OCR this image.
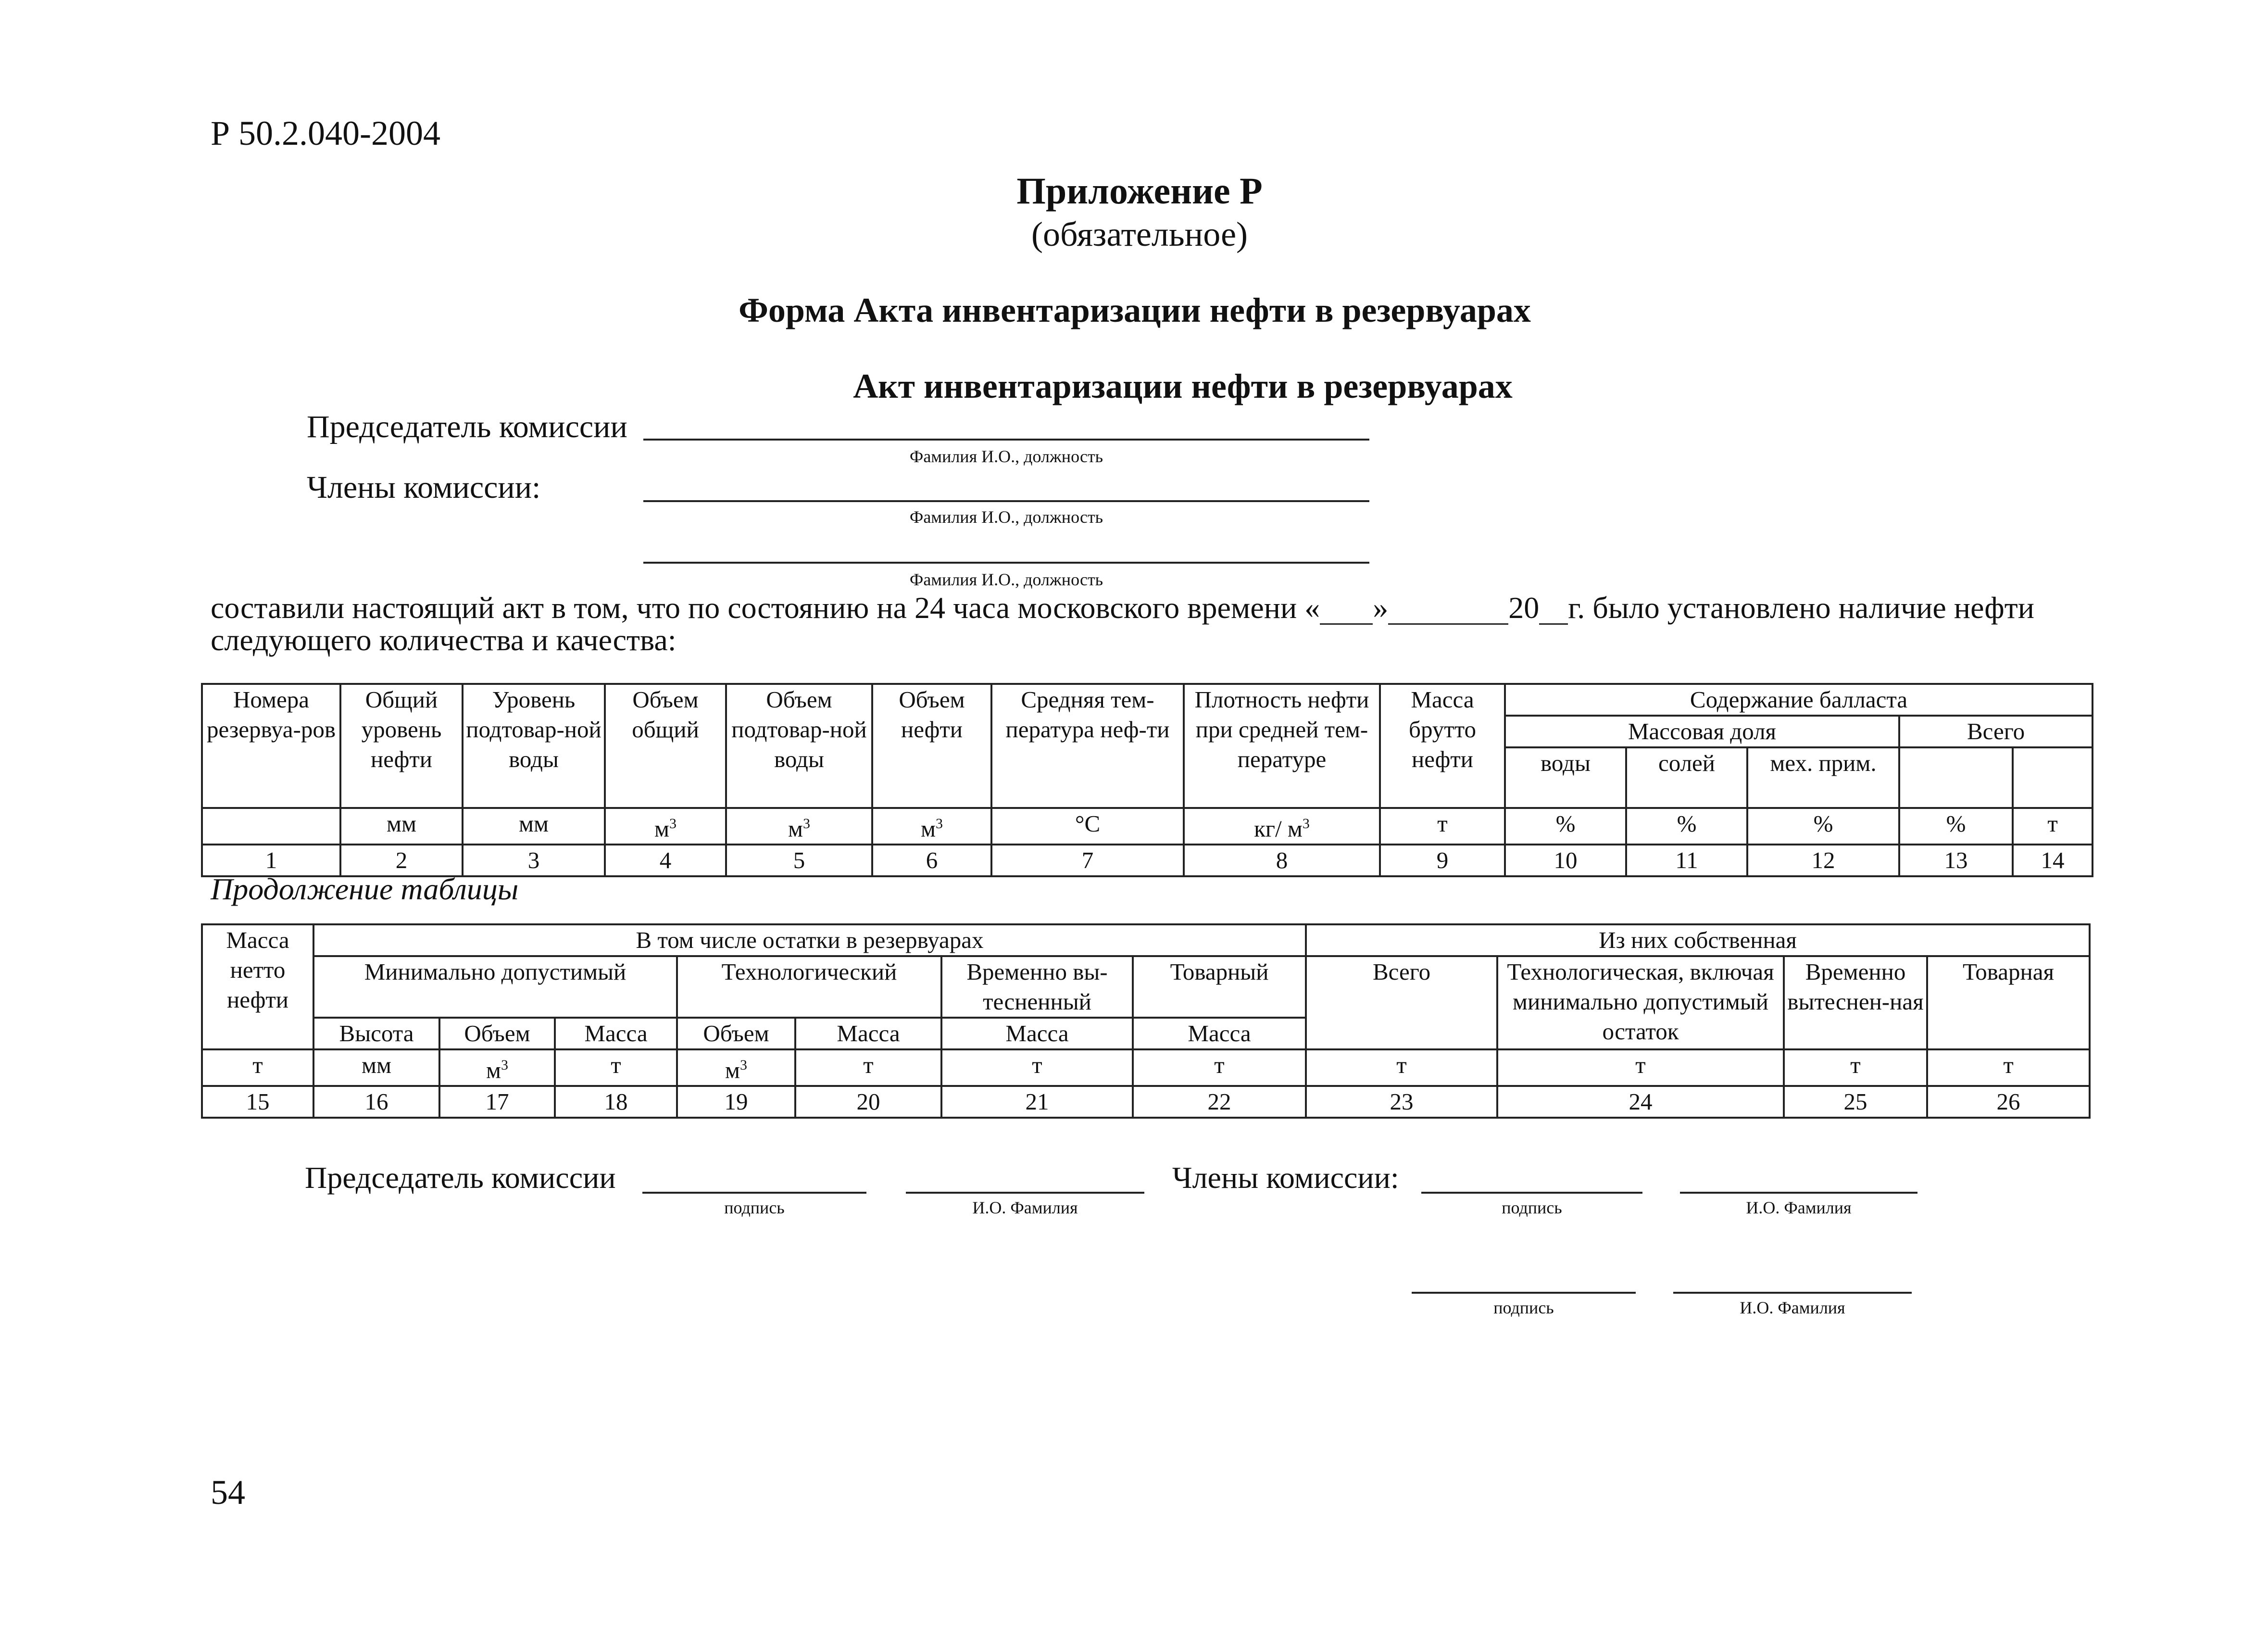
Р 50.2.040-2004
Приложение Р
(обязательное)
Форма Акта инвентаризации нефти в резервуарах
Акт инвентаризации нефти в резервуарах
Председатель комиссии
Фамилия И.О., должность
Члены комиссии:
Фамилия И.О., должность
Фамилия И.О., должность
составили настоящий акт в том, что по состоянию на 24 часа московского времени « »	20 г. было установлено наличие нефти следующего количества и качества:
Номера резервуа-ров	Общий уровень нефти	Уровень подтовар-ной воды	Объем общий	Объем подтовар-ной воды	Объем нефти	Средняя тем-пература неф-ти	Плотность нефти при средней тем-пературе	Масса брутто нефти	Содержание балласта				
									Массовая доля			Всего	
									воды	солей	мех. прим.		
	мм	мм	$м^3$	$м^3$	$м^3$	°С	кг/ $м^3$	т	%	%	%	%	т
1	2	3	4	5	6	7	8	9	10	11	12	13	14
Продолжение таблицы
Масса нетто нефти	В том числе остатки в резервуарах							Из них собственная			
	Минимально допустимый			Технологический		Временно вы-тесненный	Товарный	Всего	Технологическая, включая минимально допустимый остаток	Временно вытеснен-ная	Товарная
	Высота	Объем	Масса	Объем	Масса	Масса	Масса				
т	мм	$м^3$	т	$м^3$	т	т	т	т	т	т	т
15	16	17	18	19	20	21	22	23	24	25	26
Председатель комиссии
подпись	И.О. Фамилия
Члены комиссии:
подпись	И.О. Фамилия
подпись	И.О. Фамилия
54
